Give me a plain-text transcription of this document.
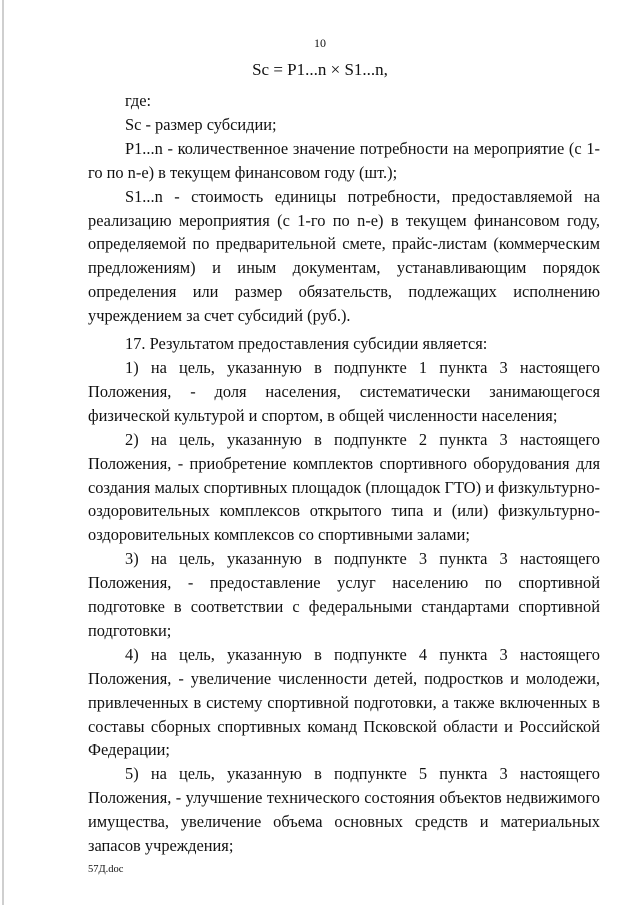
10
Sc = P1...n × S1...n,

где:

Sc - размер субсидии;

P1...n - количественное значение потребности на мероприятие (с 1-го по n-е) в текущем финансовом году (шт.);

S1...n - стоимость единицы потребности, предоставляемой на реализацию мероприятия (с 1-го по n-е) в текущем финансовом году, определяемой по предварительной смете, прайс-листам (коммерческим предложениям) и иным документам, устанавливающим порядок определения или размер обязательств, подлежащих исполнению учреждением за счет субсидий (руб.).

17. Результатом предоставления субсидии является:

1) на цель, указанную в подпункте 1 пункта 3 настоящего Положения, - доля населения, систематически занимающегося физической культурой и спортом, в общей численности населения;

2) на цель, указанную в подпункте 2 пункта 3 настоящего Положения, - приобретение комплектов спортивного оборудования для создания малых спортивных площадок (площадок ГТО) и физкультурно-оздоровительных комплексов открытого типа и (или) физкультурно-оздоровительных комплексов со спортивными залами;

3) на цель, указанную в подпункте 3 пункта 3 настоящего Положения, - предоставление услуг населению по спортивной подготовке в соответствии с федеральными стандартами спортивной подготовки;

4) на цель, указанную в подпункте 4 пункта 3 настоящего Положения, - увеличение численности детей, подростков и молодежи, привлеченных в систему спортивной подготовки, а также включенных в составы сборных спортивных команд Псковской области и Российской Федерации;

5) на цель, указанную в подпункте 5 пункта 3 настоящего Положения, - улучшение технического состояния объектов недвижимого имущества, увеличение объема основных средств и материальных запасов учреждения;

57Д.doc
